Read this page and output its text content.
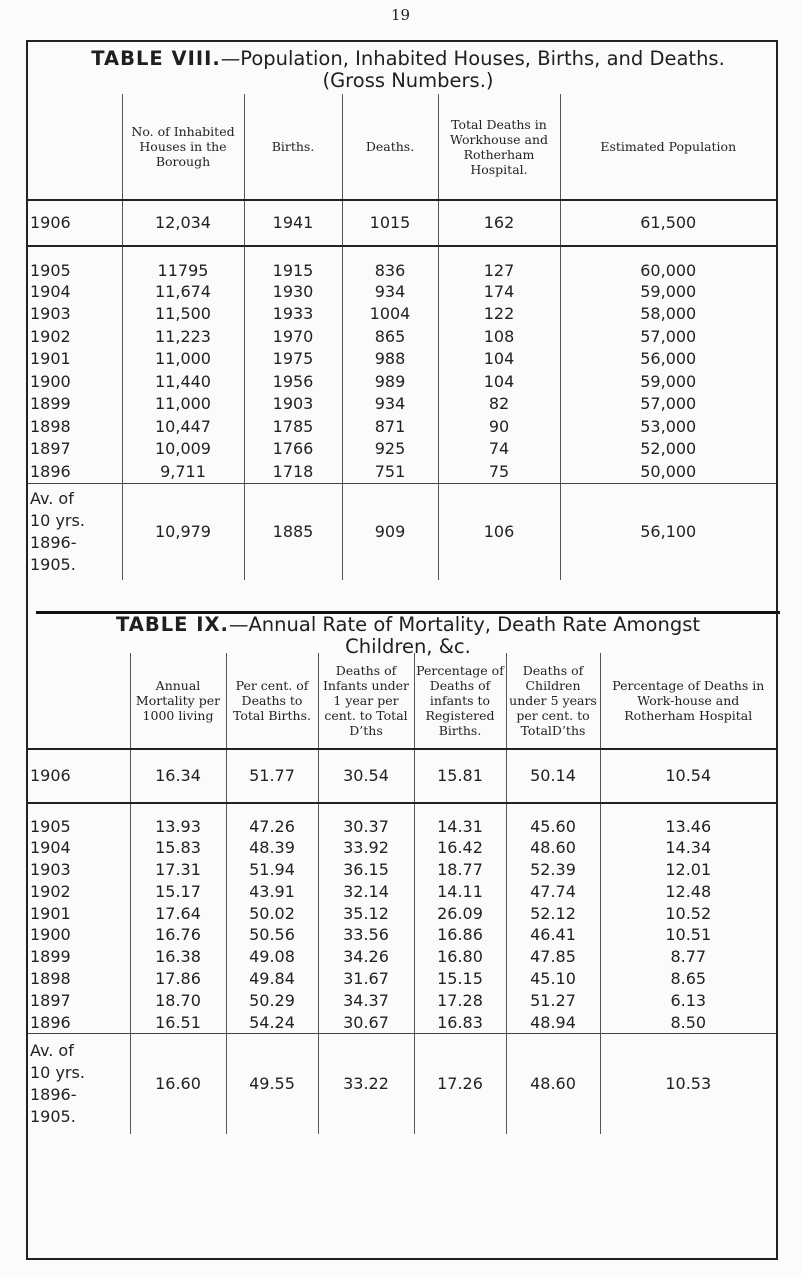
19
TABLE VIII.—Population, Inhabited Houses, Births, and Deaths.
(Gross Numbers.)
	No. of Inhabited Houses in the Borough	Births.	Deaths.	Total Deaths in Workhouse and Rotherham Hospital.	Estimated Population
1906	12,034	1941	1015	162	61,500
1905	11795	1915	836	127	60,000
1904	11,674	1930	934	174	59,000
1903	11,500	1933	1004	122	58,000
1902	11,223	1970	865	108	57,000
1901	11,000	1975	988	104	56,000
1900	11,440	1956	989	104	59,000
1899	11,000	1903	934	82	57,000
1898	10,447	1785	871	90	53,000
1897	10,009	1766	925	74	52,000
1896	9,711	1718	751	75	50,000
Av. of
10 yrs.
1896-
1905.	10,979	1885	909	106	56,100
TABLE IX.—Annual Rate of Mortality, Death Rate Amongst
Children, &c.
	Annual Mortality per 1000 living	Per cent. of Deaths to Total Births.	Deaths of Infants under 1 year per cent. to Total D’ths	Percentage of Deaths of infants to Registered Births.	Deaths of Children under 5 years per cent. to TotalD’ths	Percentage of Deaths in Work-house and Rotherham Hospital
1906	16.34	51.77	30.54	15.81	50.14	10.54
1905	13.93	47.26	30.37	14.31	45.60	13.46
1904	15.83	48.39	33.92	16.42	48.60	14.34
1903	17.31	51.94	36.15	18.77	52.39	12.01
1902	15.17	43.91	32.14	14.11	47.74	12.48
1901	17.64	50.02	35.12	26.09	52.12	10.52
1900	16.76	50.56	33.56	16.86	46.41	10.51
1899	16.38	49.08	34.26	16.80	47.85	8.77
1898	17.86	49.84	31.67	15.15	45.10	8.65
1897	18.70	50.29	34.37	17.28	51.27	6.13
1896	16.51	54.24	30.67	16.83	48.94	8.50
Av. of
10 yrs.
1896-
1905.	16.60	49.55	33.22	17.26	48.60	10.53
